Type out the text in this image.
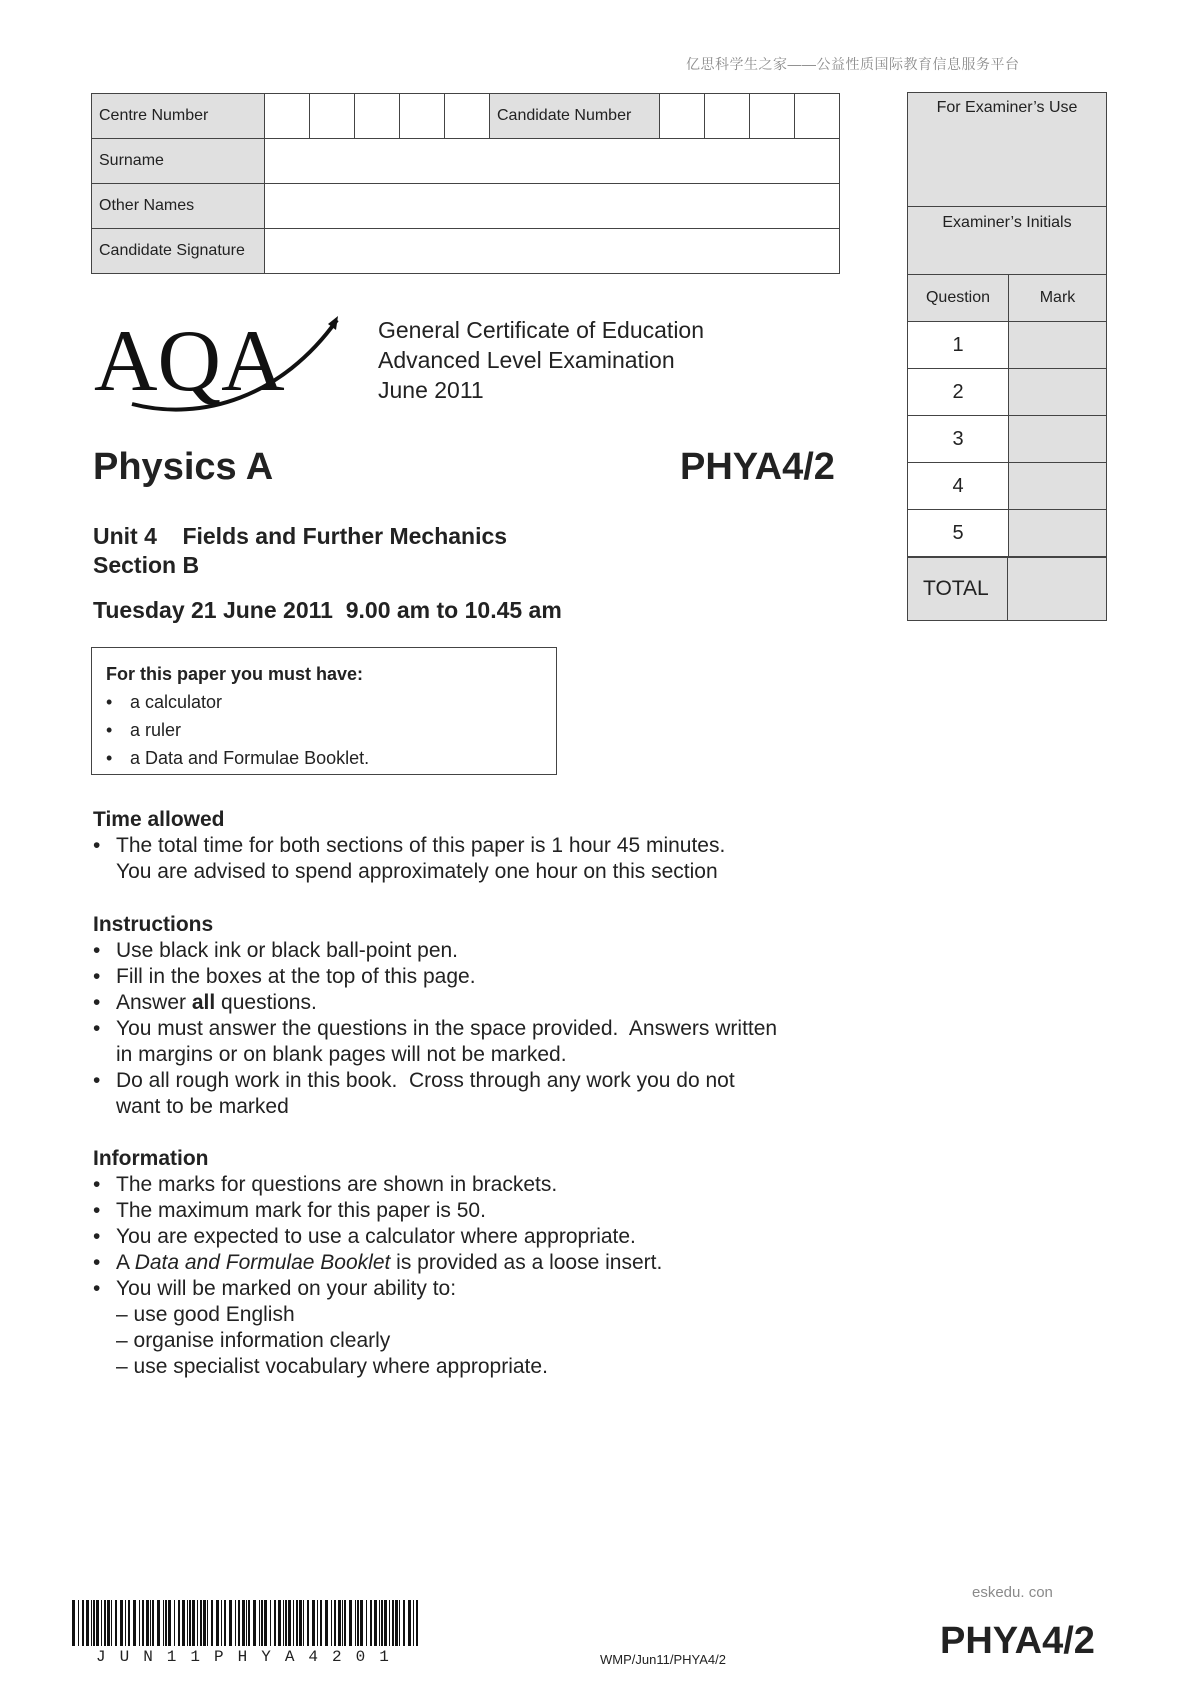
亿思科学生之家——公益性质国际教育信息服务平台
Centre Number						Candidate Number				
Surname										
Other Names										
Candidate Signature										
For Examiner’s Use
Examiner’s Initials
Question	Mark
1
2
3
4
5
TOTAL
AQA	General Certificate of Education
Advanced Level Examination
June 2011
Physics A	PHYA4/2
Unit 4    Fields and Further Mechanics
Section B
Tuesday 21 June 2011  9.00 am to 10.45 am
For this paper you must have:
• a calculator
• a ruler
• a Data and Formulae Booklet.
Time allowed
• The total time for both sections of this paper is 1 hour 45 minutes.
You are advised to spend approximately one hour on this section
Instructions
• Use black ink or black ball-point pen.
• Fill in the boxes at the top of this page.
• Answer all questions.
• You must answer the questions in the space provided.  Answers written
in margins or on blank pages will not be marked.
• Do all rough work in this book.  Cross through any work you do not
want to be marked
Information
• The marks for questions are shown in brackets.
• The maximum mark for this paper is 50.
• You are expected to use a calculator where appropriate.
• A Data and Formulae Booklet is provided as a loose insert.
• You will be marked on your ability to:
– use good English
– organise information clearly
– use specialist vocabulary where appropriate.
eskedu. con
JUN11PHYA4201	WMP/Jun11/PHYA4/2	PHYA4/2
